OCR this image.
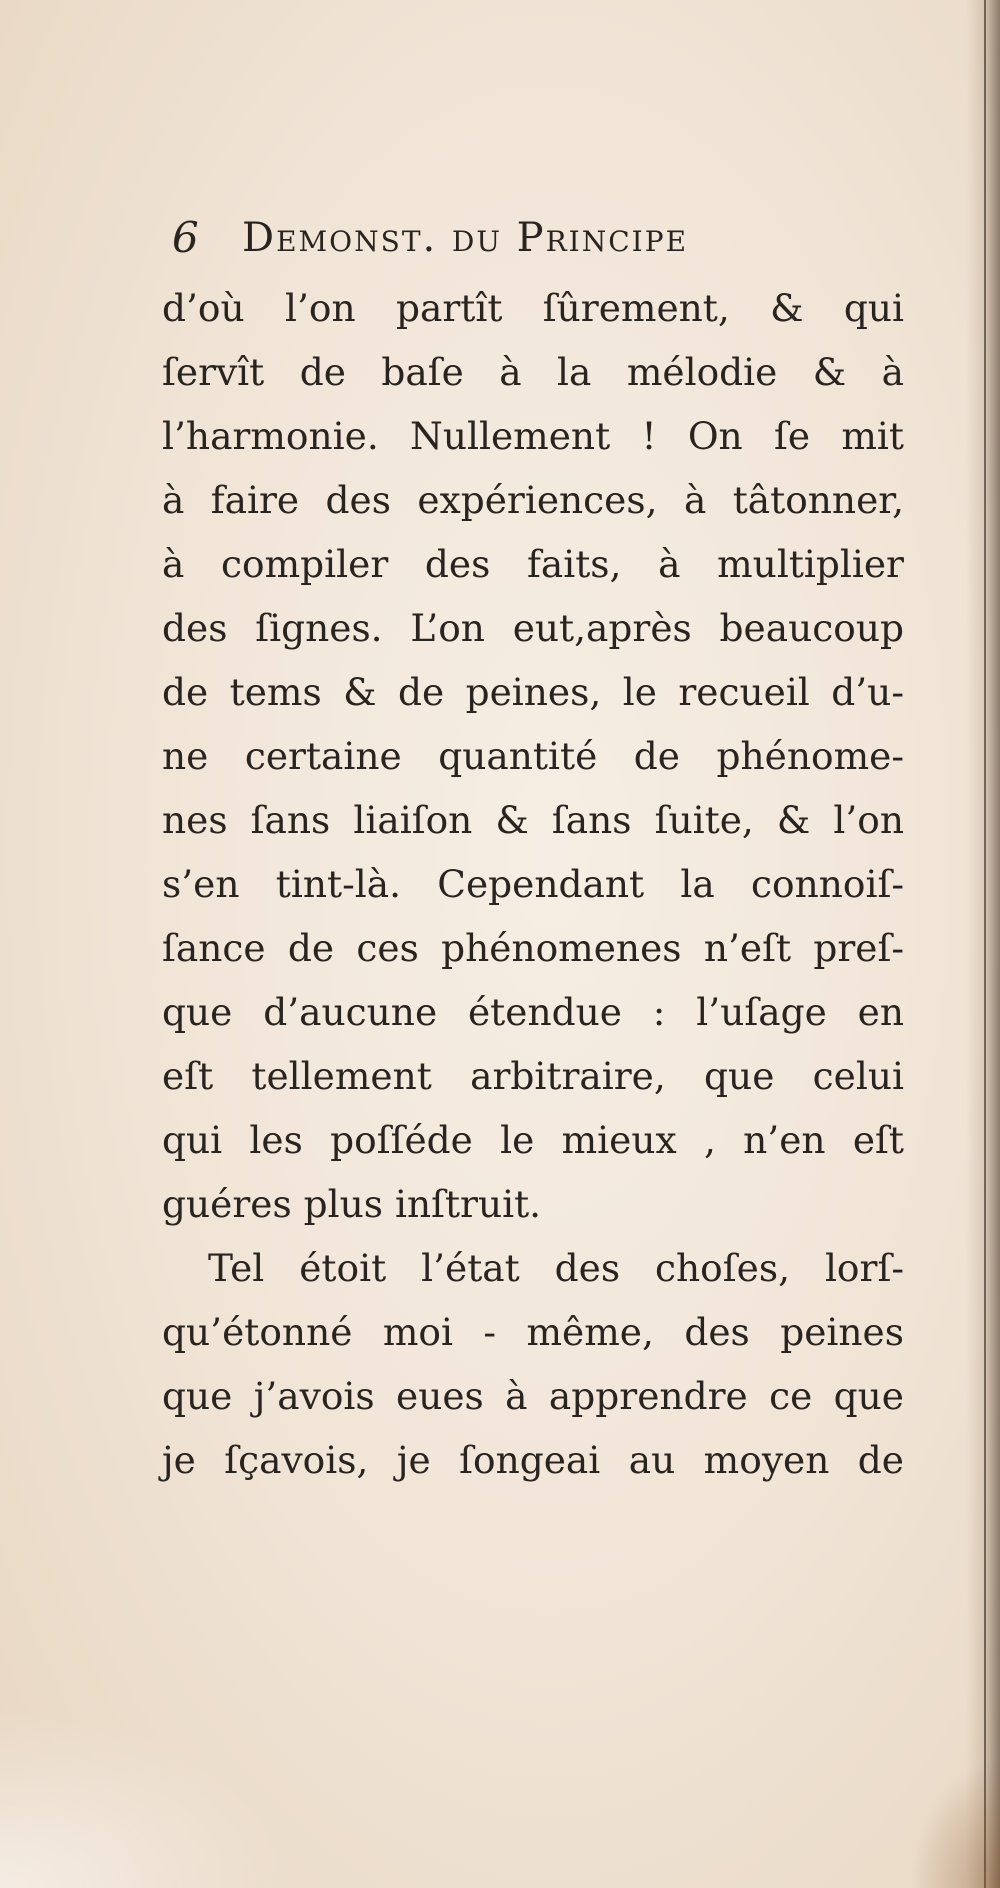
6 Demonst. du Principe
d’où l’on partît ſûrement, & qui
ſervît de baſe à la mélodie & à
l’harmonie. Nullement ! On ſe mit
à faire des expériences, à tâtonner,
à compiler des faits, à multiplier
des ſignes. L’on eut,après beaucoup
de tems & de peines, le recueil d’u-
ne certaine quantité de phénome-
nes ſans liaiſon & ſans ſuite, & l’on
s’en tint-là. Cependant la connoiſ-
ſance de ces phénomenes n’eſt preſ-
que d’aucune étendue : l’uſage en
eſt tellement arbitraire, que celui
qui les poſſéde le mieux , n’en eſt
guéres plus inſtruit.
Tel étoit l’état des choſes, lorſ-
qu’étonné moi - même, des peines
que j’avois eues à apprendre ce que
je ſçavois, je ſongeai au moyen de
